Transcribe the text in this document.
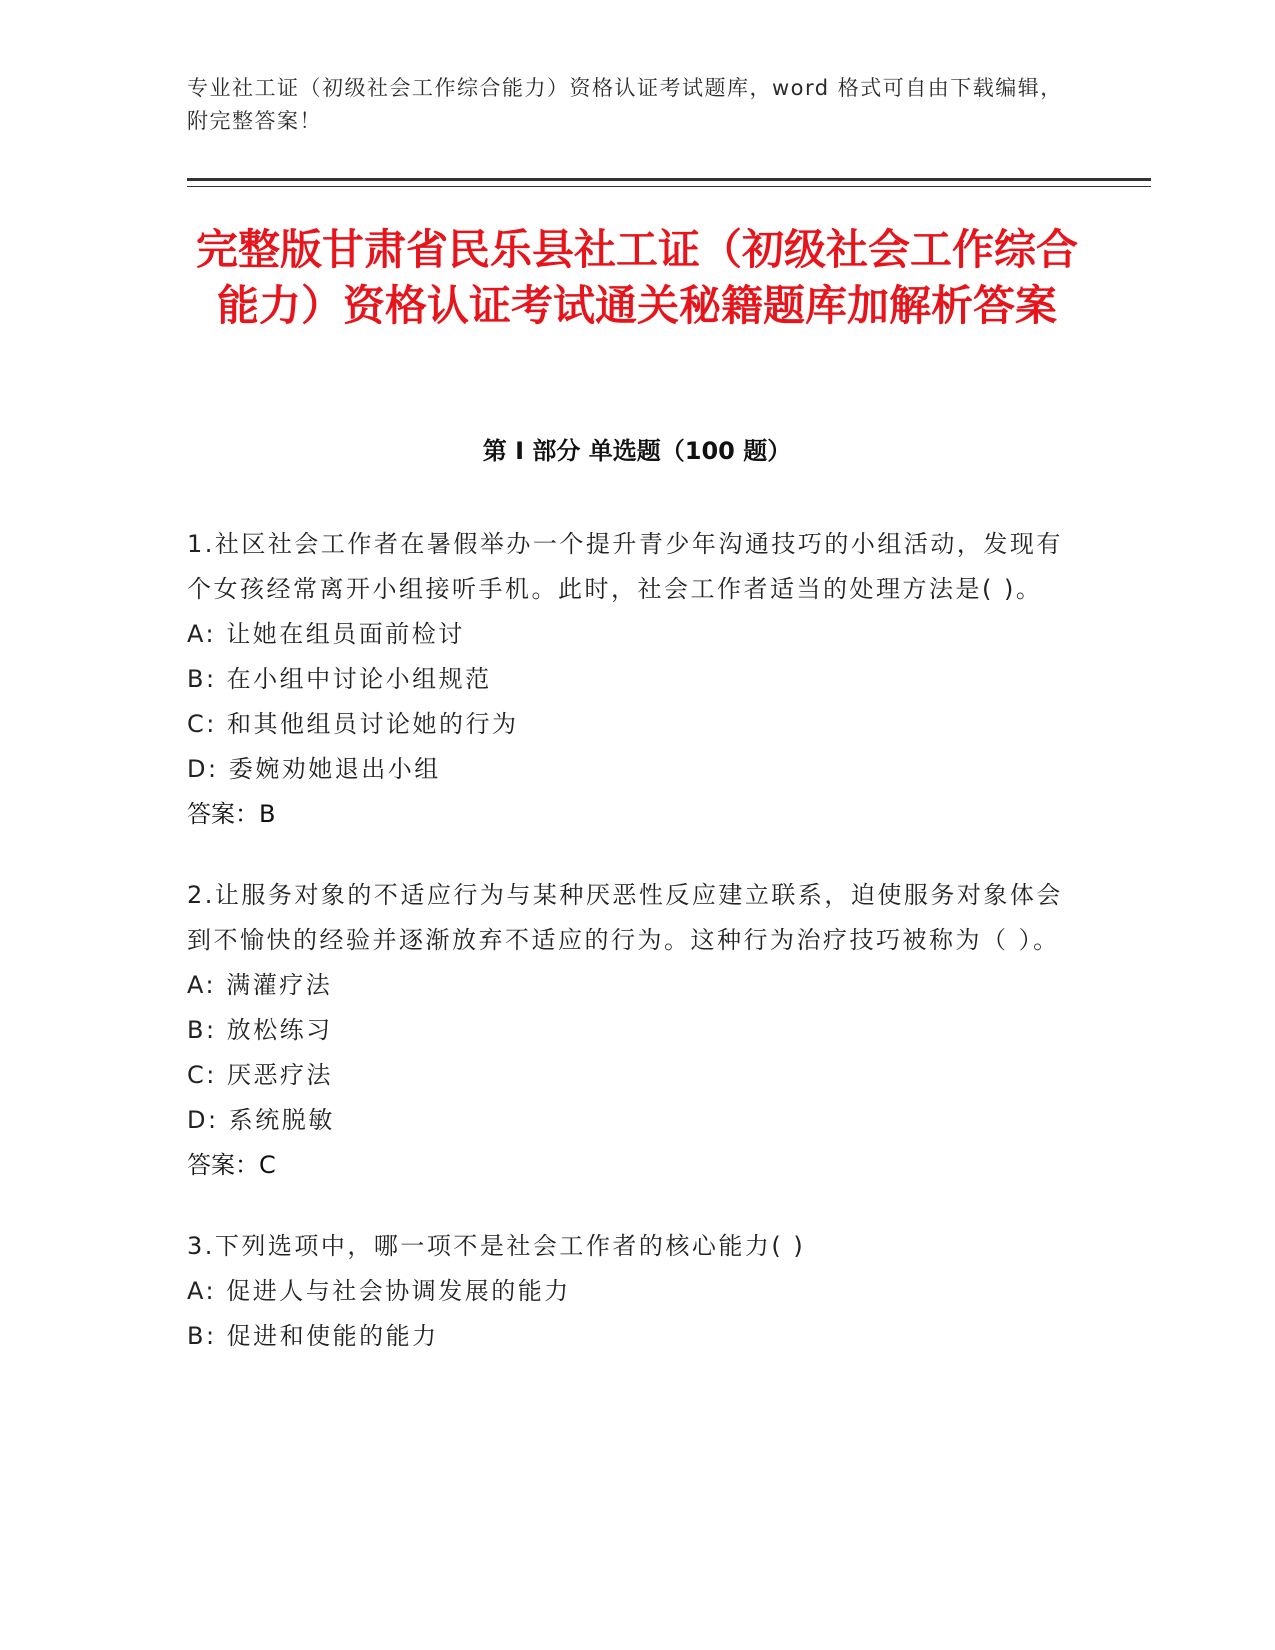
专业社工证（初级社会工作综合能力）资格认证考试题库，word 格式可自由下载编辑，附完整答案！
完整版甘肃省民乐县社工证（初级社会工作综合能力）资格认证考试通关秘籍题库加解析答案
第 I 部分 单选题（100 题）
1.社区社会工作者在暑假举办一个提升青少年沟通技巧的小组活动，发现有个女孩经常离开小组接听手机。此时，社会工作者适当的处理方法是( )。
A: 让她在组员面前检讨
B: 在小组中讨论小组规范
C: 和其他组员讨论她的行为
D: 委婉劝她退出小组
答案：B
2.让服务对象的不适应行为与某种厌恶性反应建立联系，迫使服务对象体会到不愉快的经验并逐渐放弃不适应的行为。这种行为治疗技巧被称为（ ）。
A: 满灌疗法
B: 放松练习
C: 厌恶疗法
D: 系统脱敏
答案：C
3.下列选项中，哪一项不是社会工作者的核心能力( )
A: 促进人与社会协调发展的能力
B: 促进和使能的能力
